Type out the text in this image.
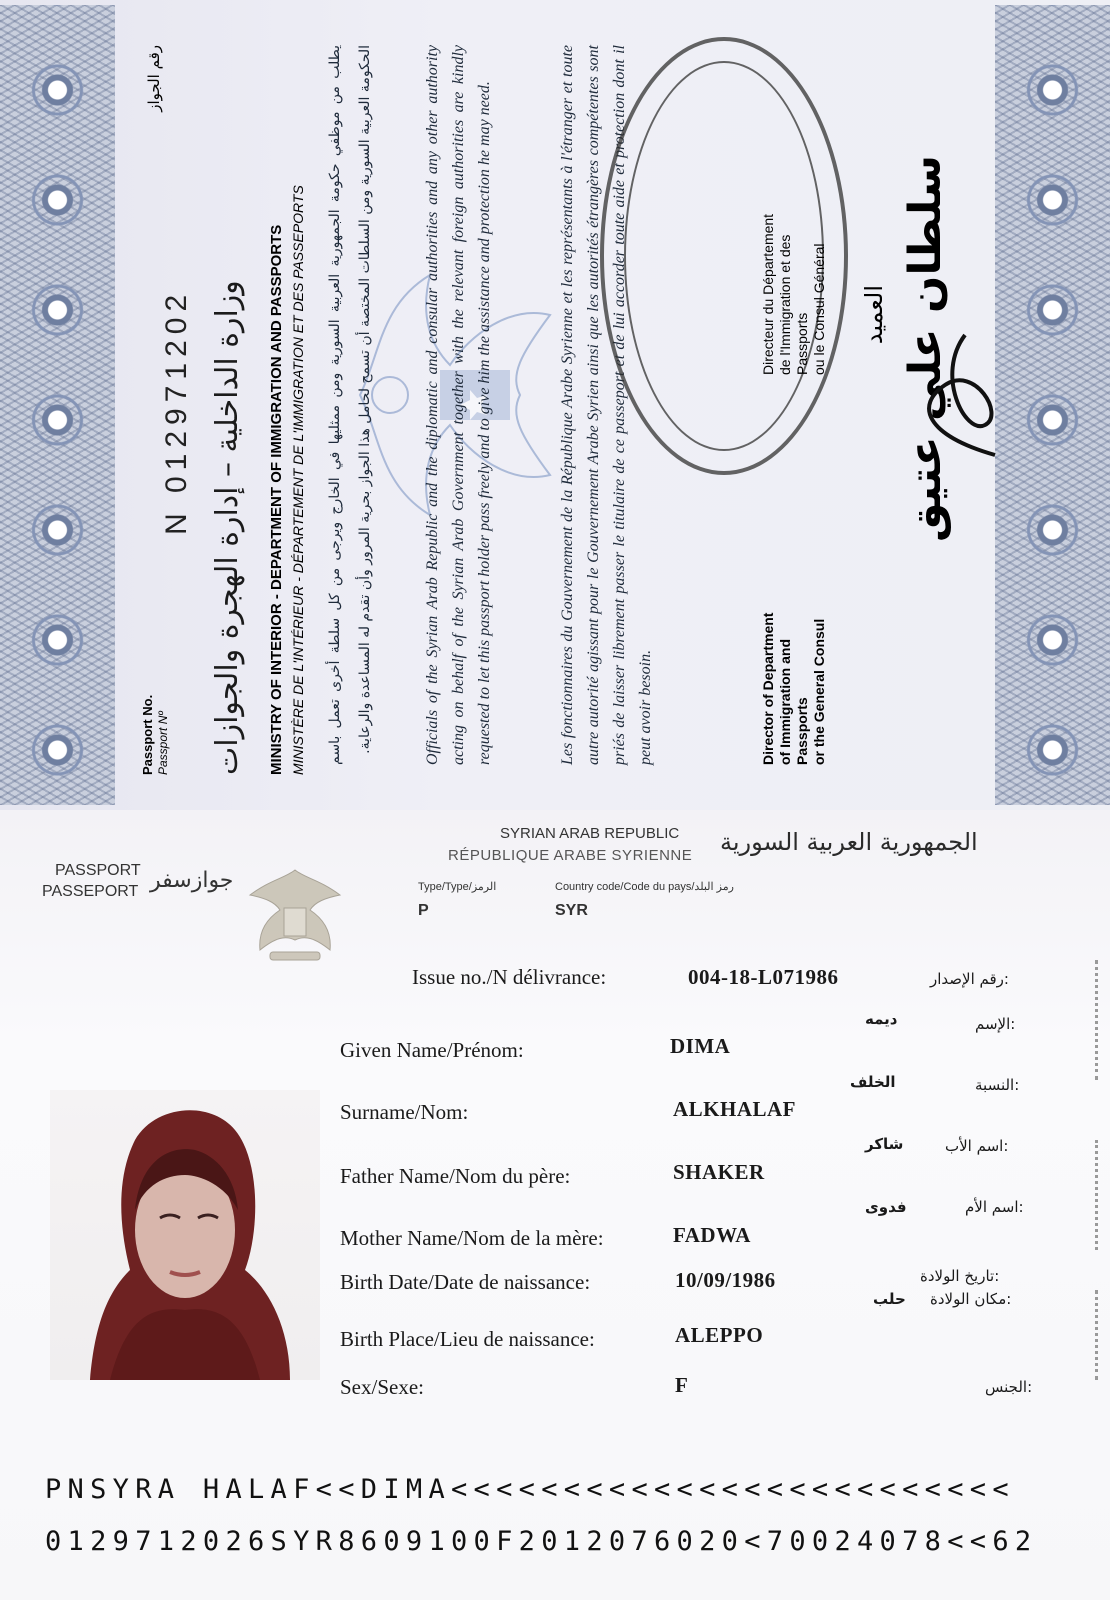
Passport No. Passport Nº
رقم الجواز
N 012971202 وزارة الداخلية – إدارة الهجرة والجوازات MINISTRY OF INTERIOR - DEPARTMENT OF IMMIGRATION AND PASSPORTS MINISTÈRE DE L'INTÉRIEUR - DÉPARTEMENT DE L'IMMIGRATION ET DES PASSEPORTS	يطلب من موظفي حكومة الجمهورية العربية السورية ومن ممثليها في الخارج ويرجى من كل سلطة أخرى تعمل باسم الحكومة العربية السورية ومن السلطات المختصة أن تسمح لحامل هذا الجواز بحرية المرور وأن تقدم له المساعدة والرعاية.	Officials of the Syrian Arab Republic and the diplomatic and consular authorities and any other authority acting on behalf of the Syrian Arab Government together with the relevant foreign authorities are kindly requested to let this passport holder pass freely and to give him the assistance and protection he may need.	Les fonctionnaires du Gouvernement de la République Arabe Syrienne et les représentants à l'étranger et toute autre autorité agissant pour le Gouvernement Arabe Syrien ainsi que les autorités étrangères compétentes sont priés de laisser librement passer le titulaire de ce passeport et de lui accorder toute aide et protection dont il peut avoir besoin.	Director of Department
of Immigration and
Passports
or the General Consul
Directeur du Département
de l'Immigration et des
Passports
ou le Consul Général
العميد سلطان علي عتيق
SYRIAN ARAB REPUBLIC
RÉPUBLIQUE ARABE SYRIENNE الجمهورية العربية السورية
PASSPORT
PASSEPORT جوازسفر	Type/Type/الرمز
P
Country code/Code du pays/رمز البلد
SYR
Issue no./N délivrance:	004-18-L071986	رقم الإصدار:
ديمه	الإسم:
Given Name/Prénom:	DIMA
الخلف	النسبة:
Surname/Nom:	ALKHALAF
شاكر	اسم الأب:
Father Name/Nom du père:	SHAKER
فدوى	اسم الأم:
Mother Name/Nom de la mère:	FADWA
تاريخ الولادة:
Birth Date/Date de naissance:	10/09/1986
حلب مكان الولادة:
Birth Place/Lieu de naissance:	ALEPPO
الجنس:
Sex/Sexe:	F
PNSYRA HALAF<<DIMA<<<<<<<<<<<<<<<<<<<<<<<<<
0129712026SYR8609100F2012076020<70024078<<62
